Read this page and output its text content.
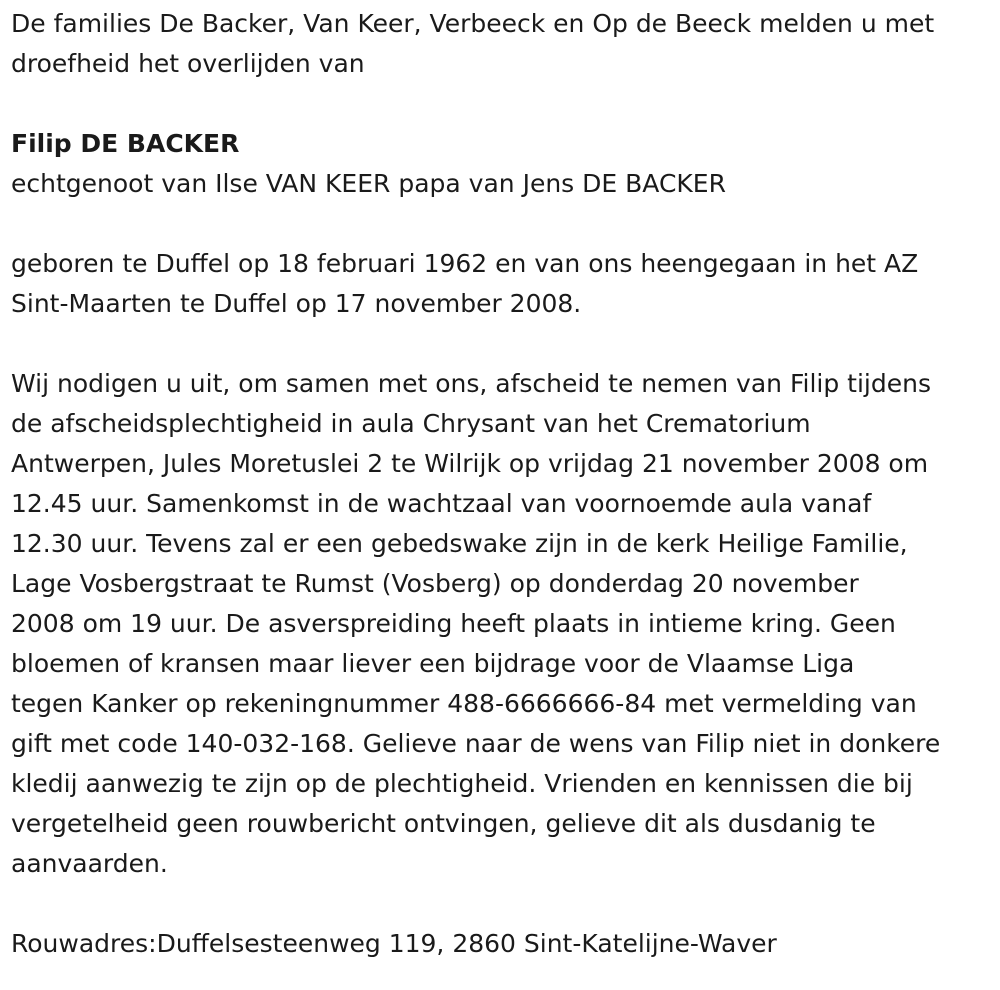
De families De Backer, Van Keer, Verbeeck en Op de Beeck melden u met
droefheid het overlijden van

Filip DE BACKER

echtgenoot van Ilse VAN KEER papa van Jens DE BACKER

geboren te Duffel op 18 februari 1962 en van ons heengegaan in het AZ
Sint-Maarten te Duffel op 17 november 2008.

Wij nodigen u uit, om samen met ons, afscheid te nemen van Filip tijdens
de afscheidsplechtigheid in aula Chrysant van het Crematorium
Antwerpen, Jules Moretuslei 2 te Wilrijk op vrijdag 21 november 2008 om
12.45 uur. Samenkomst in de wachtzaal van voornoemde aula vanaf
12.30 uur. Tevens zal er een gebedswake zijn in de kerk Heilige Familie,
Lage Vosbergstraat te Rumst (Vosberg) op donderdag 20 november
2008 om 19 uur. De asverspreiding heeft plaats in intieme kring. Geen
bloemen of kransen maar liever een bijdrage voor de Vlaamse Liga
tegen Kanker op rekeningnummer 488-6666666-84 met vermelding van
gift met code 140-032-168. Gelieve naar de wens van Filip niet in donkere
kledij aanwezig te zijn op de plechtigheid. Vrienden en kennissen die bij
vergetelheid geen rouwbericht ontvingen, gelieve dit als dusdanig te
aanvaarden.

Rouwadres:Duffelsesteenweg 119, 2860 Sint-Katelijne-Waver
